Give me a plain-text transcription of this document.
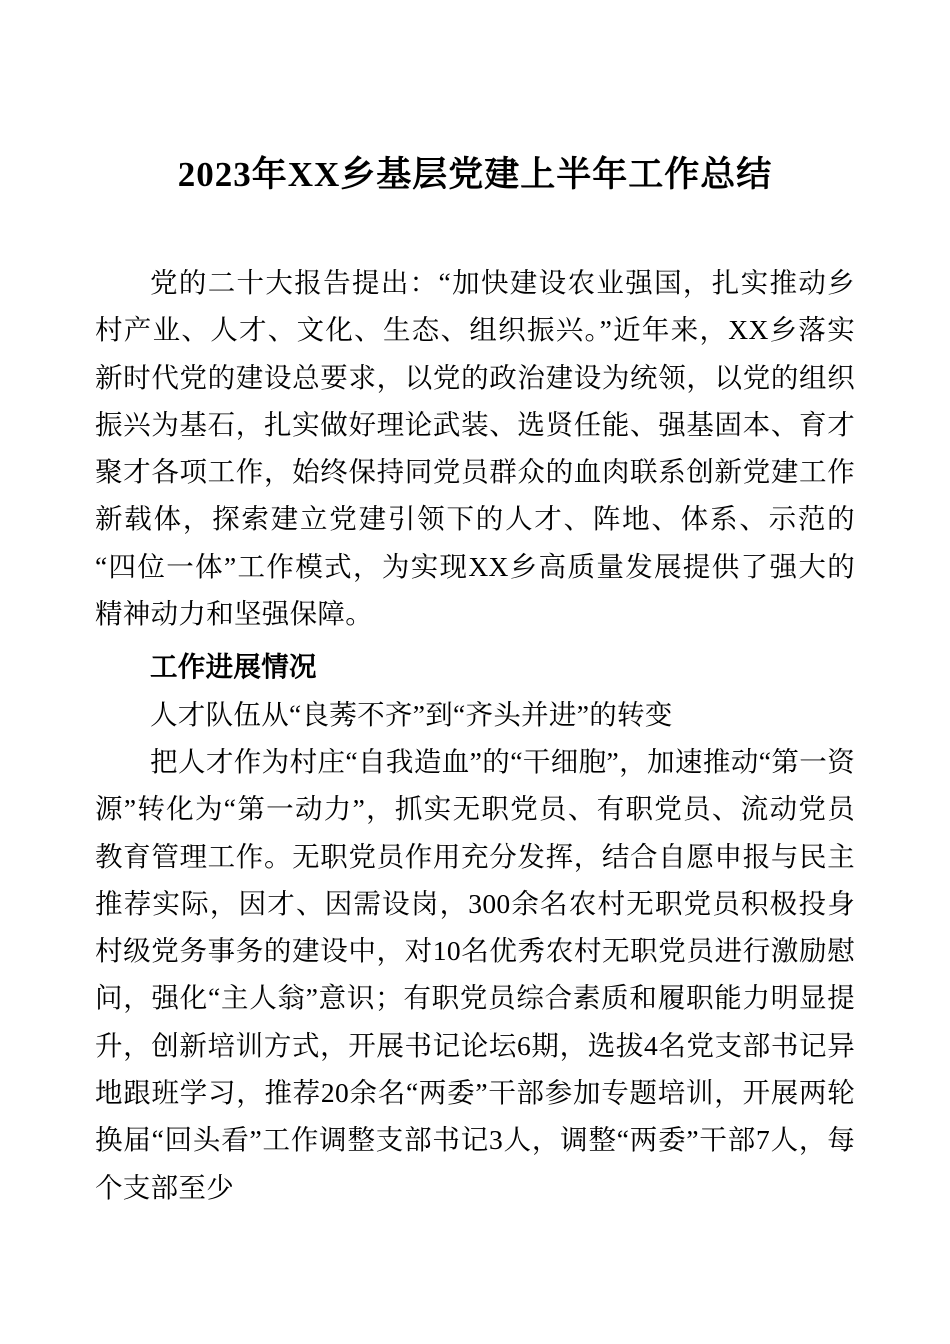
2023年XX乡基层党建上半年工作总结

党的二十大报告提出：“加快建设农业强国，扎实推动乡村产业、人才、文化、生态、组织振兴。”近年来，XX乡落实新时代党的建设总要求，以党的政治建设为统领，以党的组织振兴为基石，扎实做好理论武装、选贤任能、强基固本、育才聚才各项工作，始终保持同党员群众的血肉联系创新党建工作新载体，探索建立党建引领下的人才、阵地、体系、示范的“四位一体”工作模式，为实现XX乡高质量发展提供了强大的精神动力和坚强保障。

工作进展情况

人才队伍从“良莠不齐”到“齐头并进”的转变

把人才作为村庄“自我造血”的“干细胞”，加速推动“第一资源”转化为“第一动力”，抓实无职党员、有职党员、流动党员教育管理工作。无职党员作用充分发挥，结合自愿申报与民主推荐实际，因才、因需设岗，300余名农村无职党员积极投身村级党务事务的建设中，对10名优秀农村无职党员进行激励慰问，强化“主人翁”意识；有职党员综合素质和履职能力明显提升，创新培训方式，开展书记论坛6期，选拔4名党支部书记异地跟班学习，推荐20余名“两委”干部参加专题培训，开展两轮换届“回头看”工作调整支部书记3人，调整“两委”干部7人，每个支部至少
